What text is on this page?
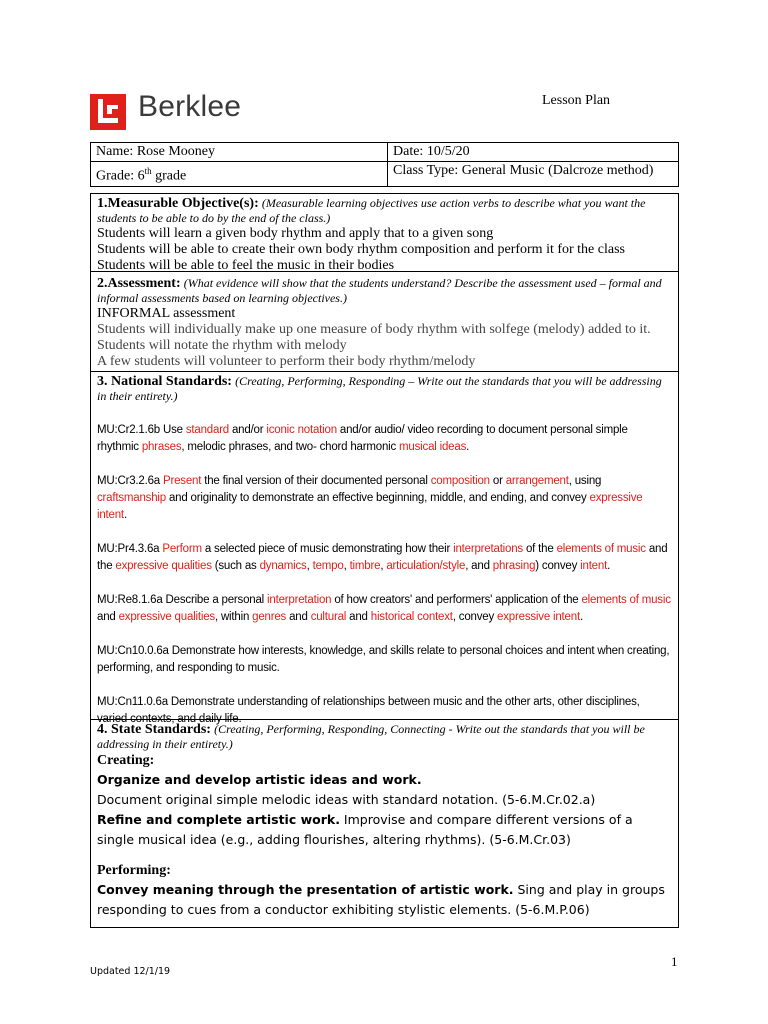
Berklee	Lesson Plan
Name: Rose Mooney	Date: 10/5/20
Grade: 6th grade	Class Type: General Music (Dalcroze method)
1.Measurable Objective(s): (Measurable learning objectives use action verbs to describe what you want the students to be able to do by the end of the class.)
Students will learn a given body rhythm and apply that to a given song
Students will be able to create their own body rhythm composition and perform it for the class
Students will be able to feel the music in their bodies
2.Assessment: (What evidence will show that the students understand? Describe the assessment used – formal and informal assessments based on learning objectives.)
INFORMAL assessment
Students will individually make up one measure of body rhythm with solfege (melody) added to it.
Students will notate the rhythm with melody
A few students will volunteer to perform their body rhythm/melody
3. National Standards: (Creating, Performing, Responding – Write out the standards that you will be addressing in their entirety.)
MU:Cr2.1.6b Use standard and/or iconic notation and/or audio/ video recording to document personal simple rhythmic phrases, melodic phrases, and two- chord harmonic musical ideas.
MU:Cr3.2.6a Present the final version of their documented personal composition or arrangement, using craftsmanship and originality to demonstrate an effective beginning, middle, and ending, and convey expressive intent.
MU:Pr4.3.6a Perform a selected piece of music demonstrating how their interpretations of the elements of music and the expressive qualities (such as dynamics, tempo, timbre, articulation/style, and phrasing) convey intent.
MU:Re8.1.6a Describe a personal interpretation of how creators' and performers' application of the elements of music and expressive qualities, within genres and cultural and historical context, convey expressive intent.
MU:Cn10.0.6a Demonstrate how interests, knowledge, and skills relate to personal choices and intent when creating, performing, and responding to music.
MU:Cn11.0.6a Demonstrate understanding of relationships between music and the other arts, other disciplines, varied contexts, and daily life.
4. State Standards: (Creating, Performing, Responding, Connecting - Write out the standards that you will be addressing in their entirety.)
Creating:
Organize and develop artistic ideas and work.
Document original simple melodic ideas with standard notation. (5-6.M.Cr.02.a)
Refine and complete artistic work. Improvise and compare different versions of a single musical idea (e.g., adding flourishes, altering rhythms). (5-6.M.Cr.03)
Performing:
Convey meaning through the presentation of artistic work. Sing and play in groups responding to cues from a conductor exhibiting stylistic elements. (5-6.M.P.06)
Updated 12/1/19
1
